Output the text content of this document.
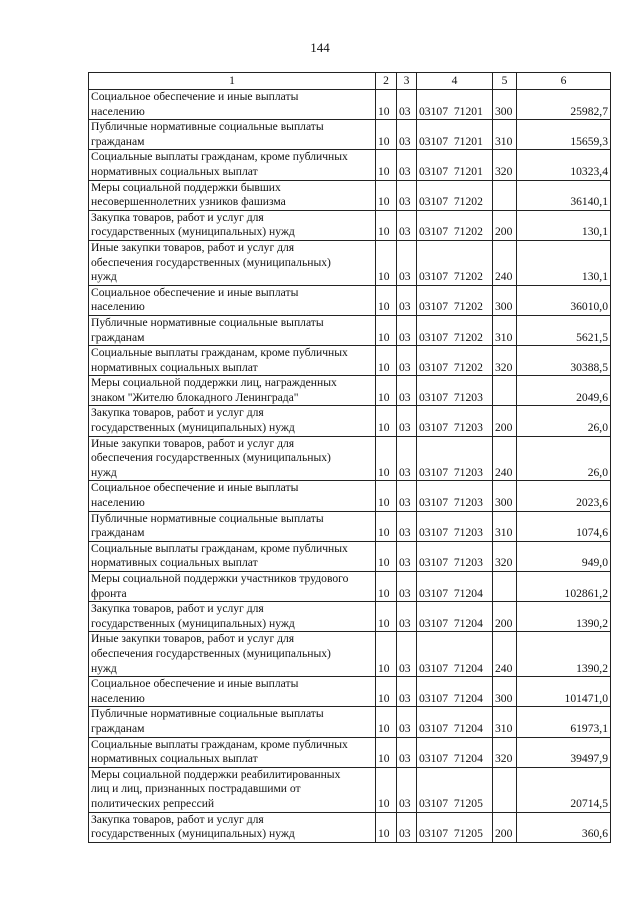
144
1	2	3	4	5	6

Социальное обеспечение и иные выплаты
населению	10	03	03107 71201	300	25982,7

Публичные нормативные социальные выплаты
гражданам	10	03	03107 71201	310	15659,3

Социальные выплаты гражданам, кроме публичных
нормативных социальных выплат	10	03	03107 71201	320	10323,4

Меры социальной поддержки бывших
несовершеннолетних узников фашизма	10	03	03107 71202		36140,1

Закупка товаров, работ и услуг для
государственных (муниципальных) нужд	10	03	03107 71202	200	130,1

Иные закупки товаров, работ и услуг для
обеспечения государственных (муниципальных)
нужд	10	03	03107 71202	240	130,1

Социальное обеспечение и иные выплаты
населению	10	03	03107 71202	300	36010,0

Публичные нормативные социальные выплаты
гражданам	10	03	03107 71202	310	5621,5

Социальные выплаты гражданам, кроме публичных
нормативных социальных выплат	10	03	03107 71202	320	30388,5

Меры социальной поддержки лиц, награжденных
знаком "Жителю блокадного Ленинграда"	10	03	03107 71203		2049,6

Закупка товаров, работ и услуг для
государственных (муниципальных) нужд	10	03	03107 71203	200	26,0

Иные закупки товаров, работ и услуг для
обеспечения государственных (муниципальных)
нужд	10	03	03107 71203	240	26,0

Социальное обеспечение и иные выплаты
населению	10	03	03107 71203	300	2023,6

Публичные нормативные социальные выплаты
гражданам	10	03	03107 71203	310	1074,6

Социальные выплаты гражданам, кроме публичных
нормативных социальных выплат	10	03	03107 71203	320	949,0

Меры социальной поддержки участников трудового
фронта	10	03	03107 71204		102861,2

Закупка товаров, работ и услуг для
государственных (муниципальных) нужд	10	03	03107 71204	200	1390,2

Иные закупки товаров, работ и услуг для
обеспечения государственных (муниципальных)
нужд	10	03	03107 71204	240	1390,2

Социальное обеспечение и иные выплаты
населению	10	03	03107 71204	300	101471,0

Публичные нормативные социальные выплаты
гражданам	10	03	03107 71204	310	61973,1

Социальные выплаты гражданам, кроме публичных
нормативных социальных выплат	10	03	03107 71204	320	39497,9

Меры социальной поддержки реабилитированных
лиц и лиц, признанных пострадавшими от
политических репрессий	10	03	03107 71205		20714,5

Закупка товаров, работ и услуг для
государственных (муниципальных) нужд	10	03	03107 71205	200	360,6
